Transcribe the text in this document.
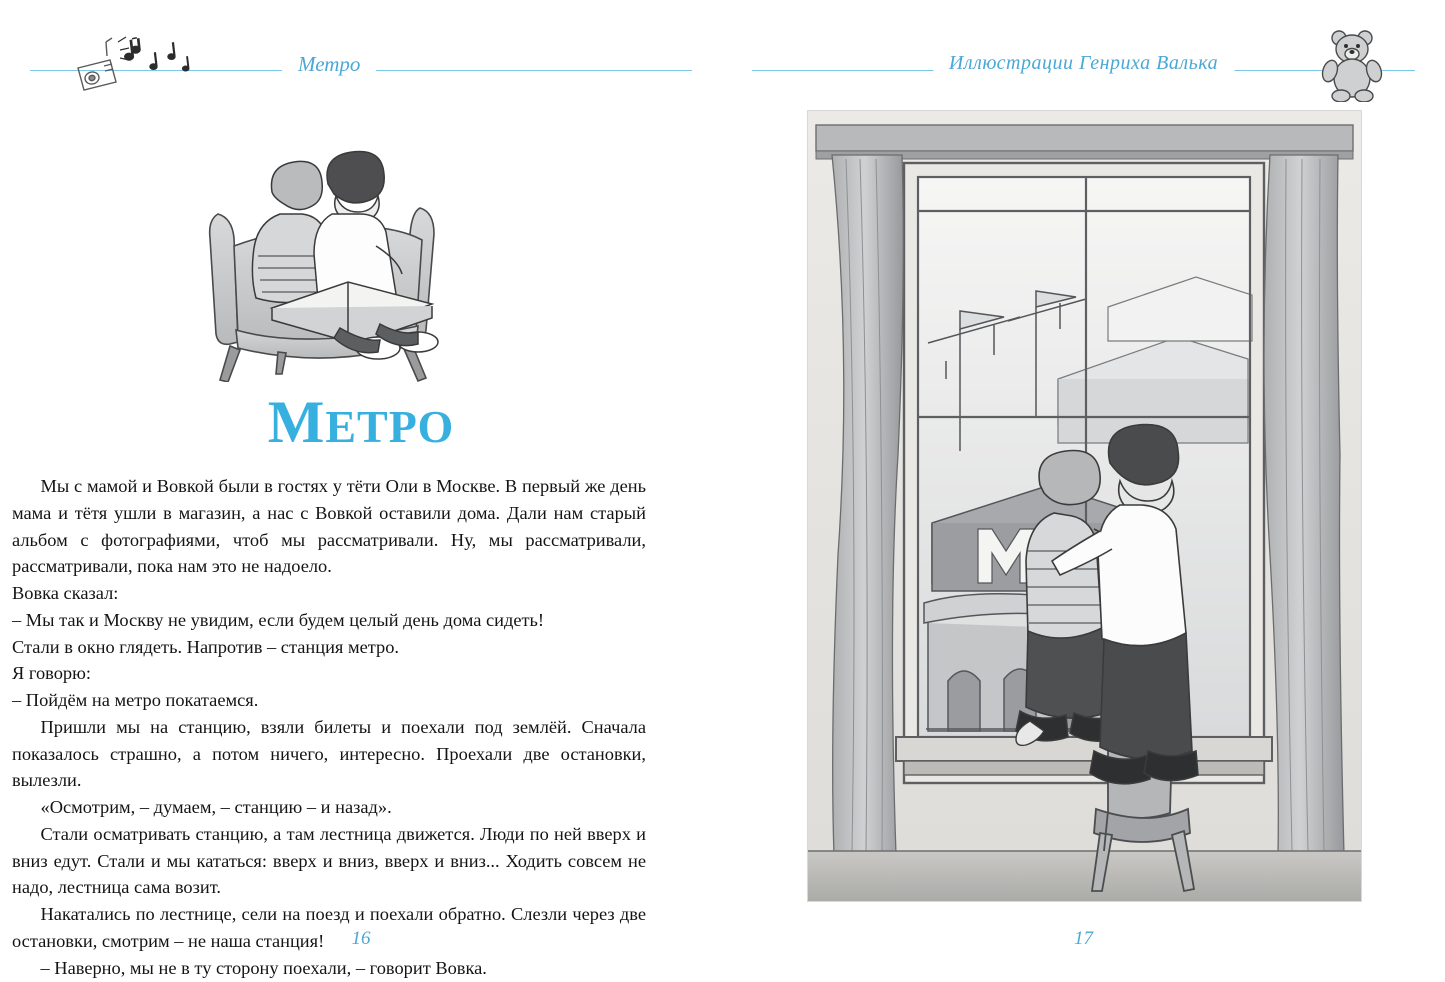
Метро
МЕТРО

Мы с мамой и Вовкой были в гостях у тёти Оли в Москве. В первый же день мама и тётя ушли в магазин, а нас с Вовкой оставили дома. Дали нам старый альбом с фотографиями, чтоб мы рассматривали. Ну, мы рассматривали, рассматривали, пока нам это не надоело.

Вовка сказал:

– Мы так и Москву не увидим, если будем целый день дома сидеть!

Стали в окно глядеть. Напротив – станция метро.

Я говорю:

– Пойдём на метро покатаемся.

Пришли мы на станцию, взяли билеты и поехали под землёй. Сначала показалось страшно, а потом ничего, интересно. Проехали две остановки, вылезли.

«Осмотрим, – думаем, – станцию – и назад».

Стали осматривать станцию, а там лестница движется. Люди по ней вверх и вниз едут. Стали и мы кататься: вверх и вниз, вверх и вниз... Ходить совсем не надо, лестница сама возит.

Накатались по лестнице, сели на поезд и поехали обратно. Слезли через две остановки, смотрим – не наша станция!

– Наверно, мы не в ту сторону поехали, – говорит Вовка.

16
Иллюстрации Генриха Валька
17
